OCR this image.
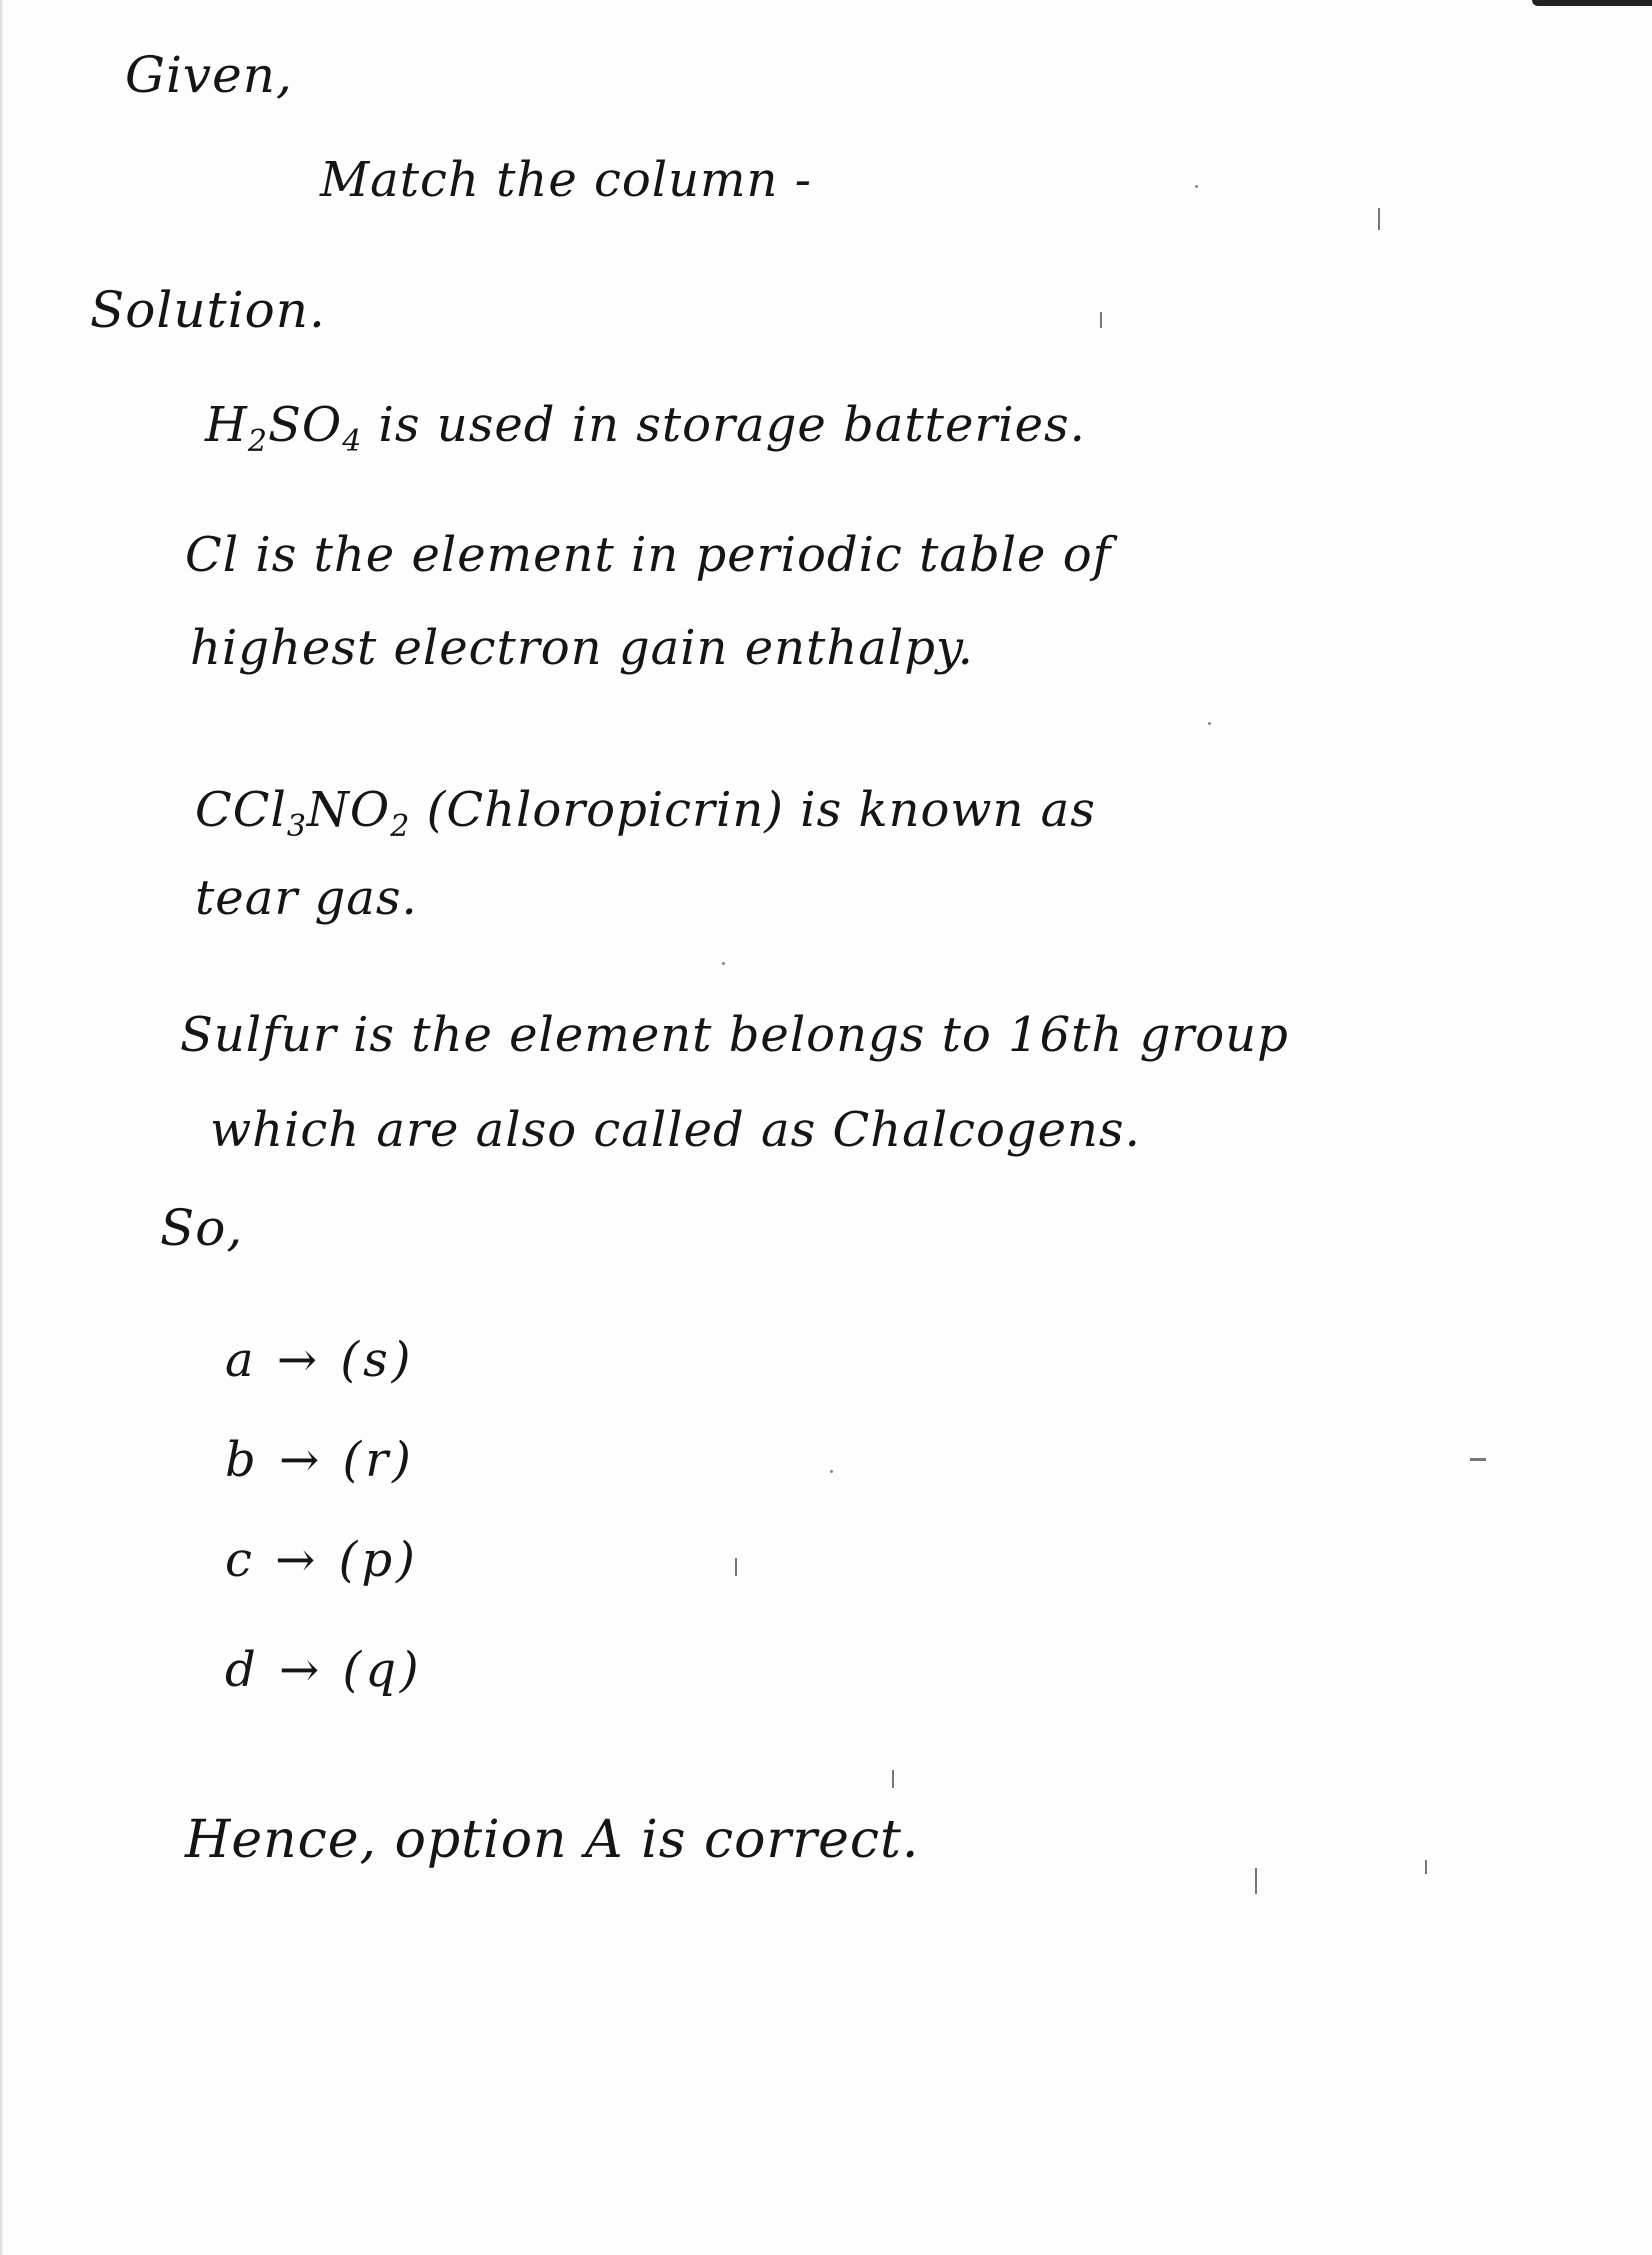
Given,
Match the column -
Solution.
$H_2SO_4$ is used in storage batteries.
Cl is the element in periodic table of
highest electron gain enthalpy.
$CCl_3NO_2$ (Chloropicrin) is known as
tear gas.
Sulfur is the element belongs to 16th group
which are also called as Chalcogens.
So,
a → (s)
b → (r)
c → (p)
d → (q)
Hence, option A is correct.
